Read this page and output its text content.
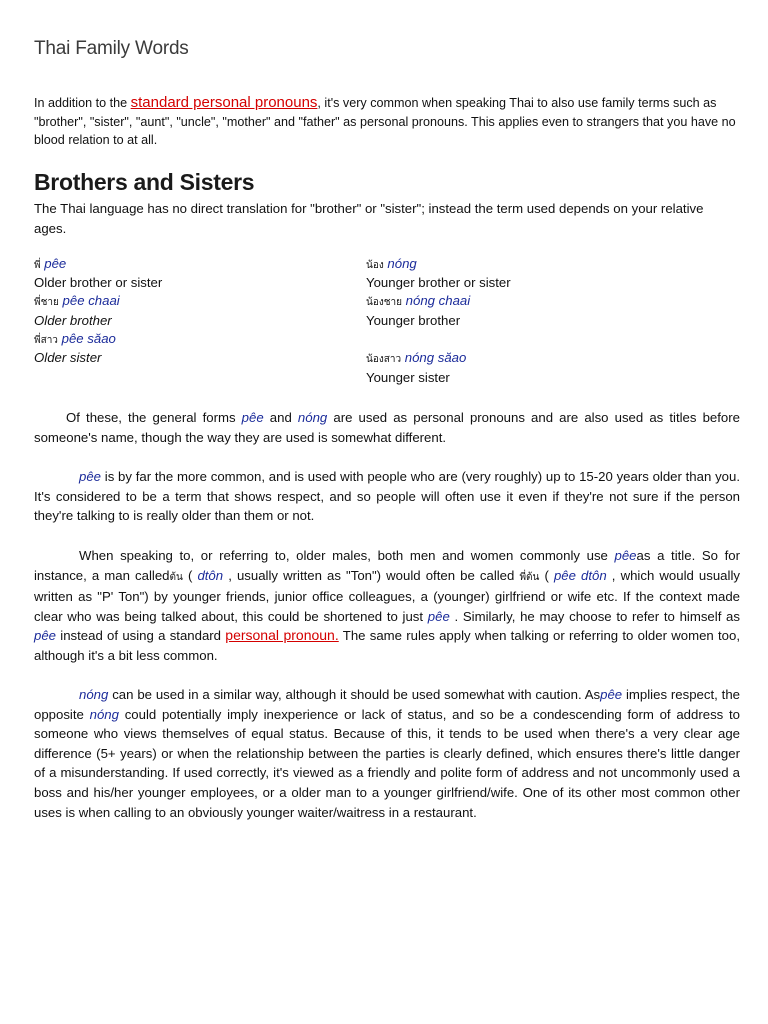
Thai Family Words
In addition to the standard personal pronouns, it's very common when speaking Thai to also use family terms such as "brother", "sister", "aunt", "uncle", "mother" and "father" as personal pronouns. This applies even to strangers that you have no blood relation to at all.
Brothers and Sisters
The Thai language has no direct translation for "brother" or "sister"; instead the term used depends on your relative ages.
พี่ pêe
Older brother or sister
พี่ชาย pêe chaai
Older brother
พี่สาว pêe săao
Older sister
น้อง nóng
Younger brother or sister
น้องชาย nóng chaai
Younger brother
น้องสาว nóng săao
Younger sister
Of these, the general forms pêe and nóng are used as personal pronouns and are also used as titles before someone's name, though the way they are used is somewhat different.
pêe is by far the more common, and is used with people who are (very roughly) up to 15-20 years older than you. It's considered to be a term that shows respect, and so people will often use it even if they're not sure if the person they're talking to is really older than them or not.
When speaking to, or referring to, older males, both men and women commonly use pêeas a title. So for instance, a man calledต้น ( dtôn , usually written as "Ton") would often be called พี่ต้น ( pêe dtôn , which would usually written as "P' Ton") by younger friends, junior office colleagues, a (younger) girlfriend or wife etc. If the context made clear who was being talked about, this could be shortened to just pêe . Similarly, he may choose to refer to himself as pêe instead of using a standard personal pronoun. The same rules apply when talking or referring to older women too, although it's a bit less common.
nóng can be used in a similar way, although it should be used somewhat with caution. Aspêe implies respect, the opposite nóng could potentially imply inexperience or lack of status, and so be a condescending form of address to someone who views themselves of equal status. Because of this, it tends to be used when there's a very clear age difference (5+ years) or when the relationship between the parties is clearly defined, which ensures there's little danger of a misunderstanding. If used correctly, it's viewed as a friendly and polite form of address and not uncommonly used a boss and his/her younger employees, or a older man to a younger girlfriend/wife. One of its other most common other uses is when calling to an obviously younger waiter/waitress in a restaurant.
